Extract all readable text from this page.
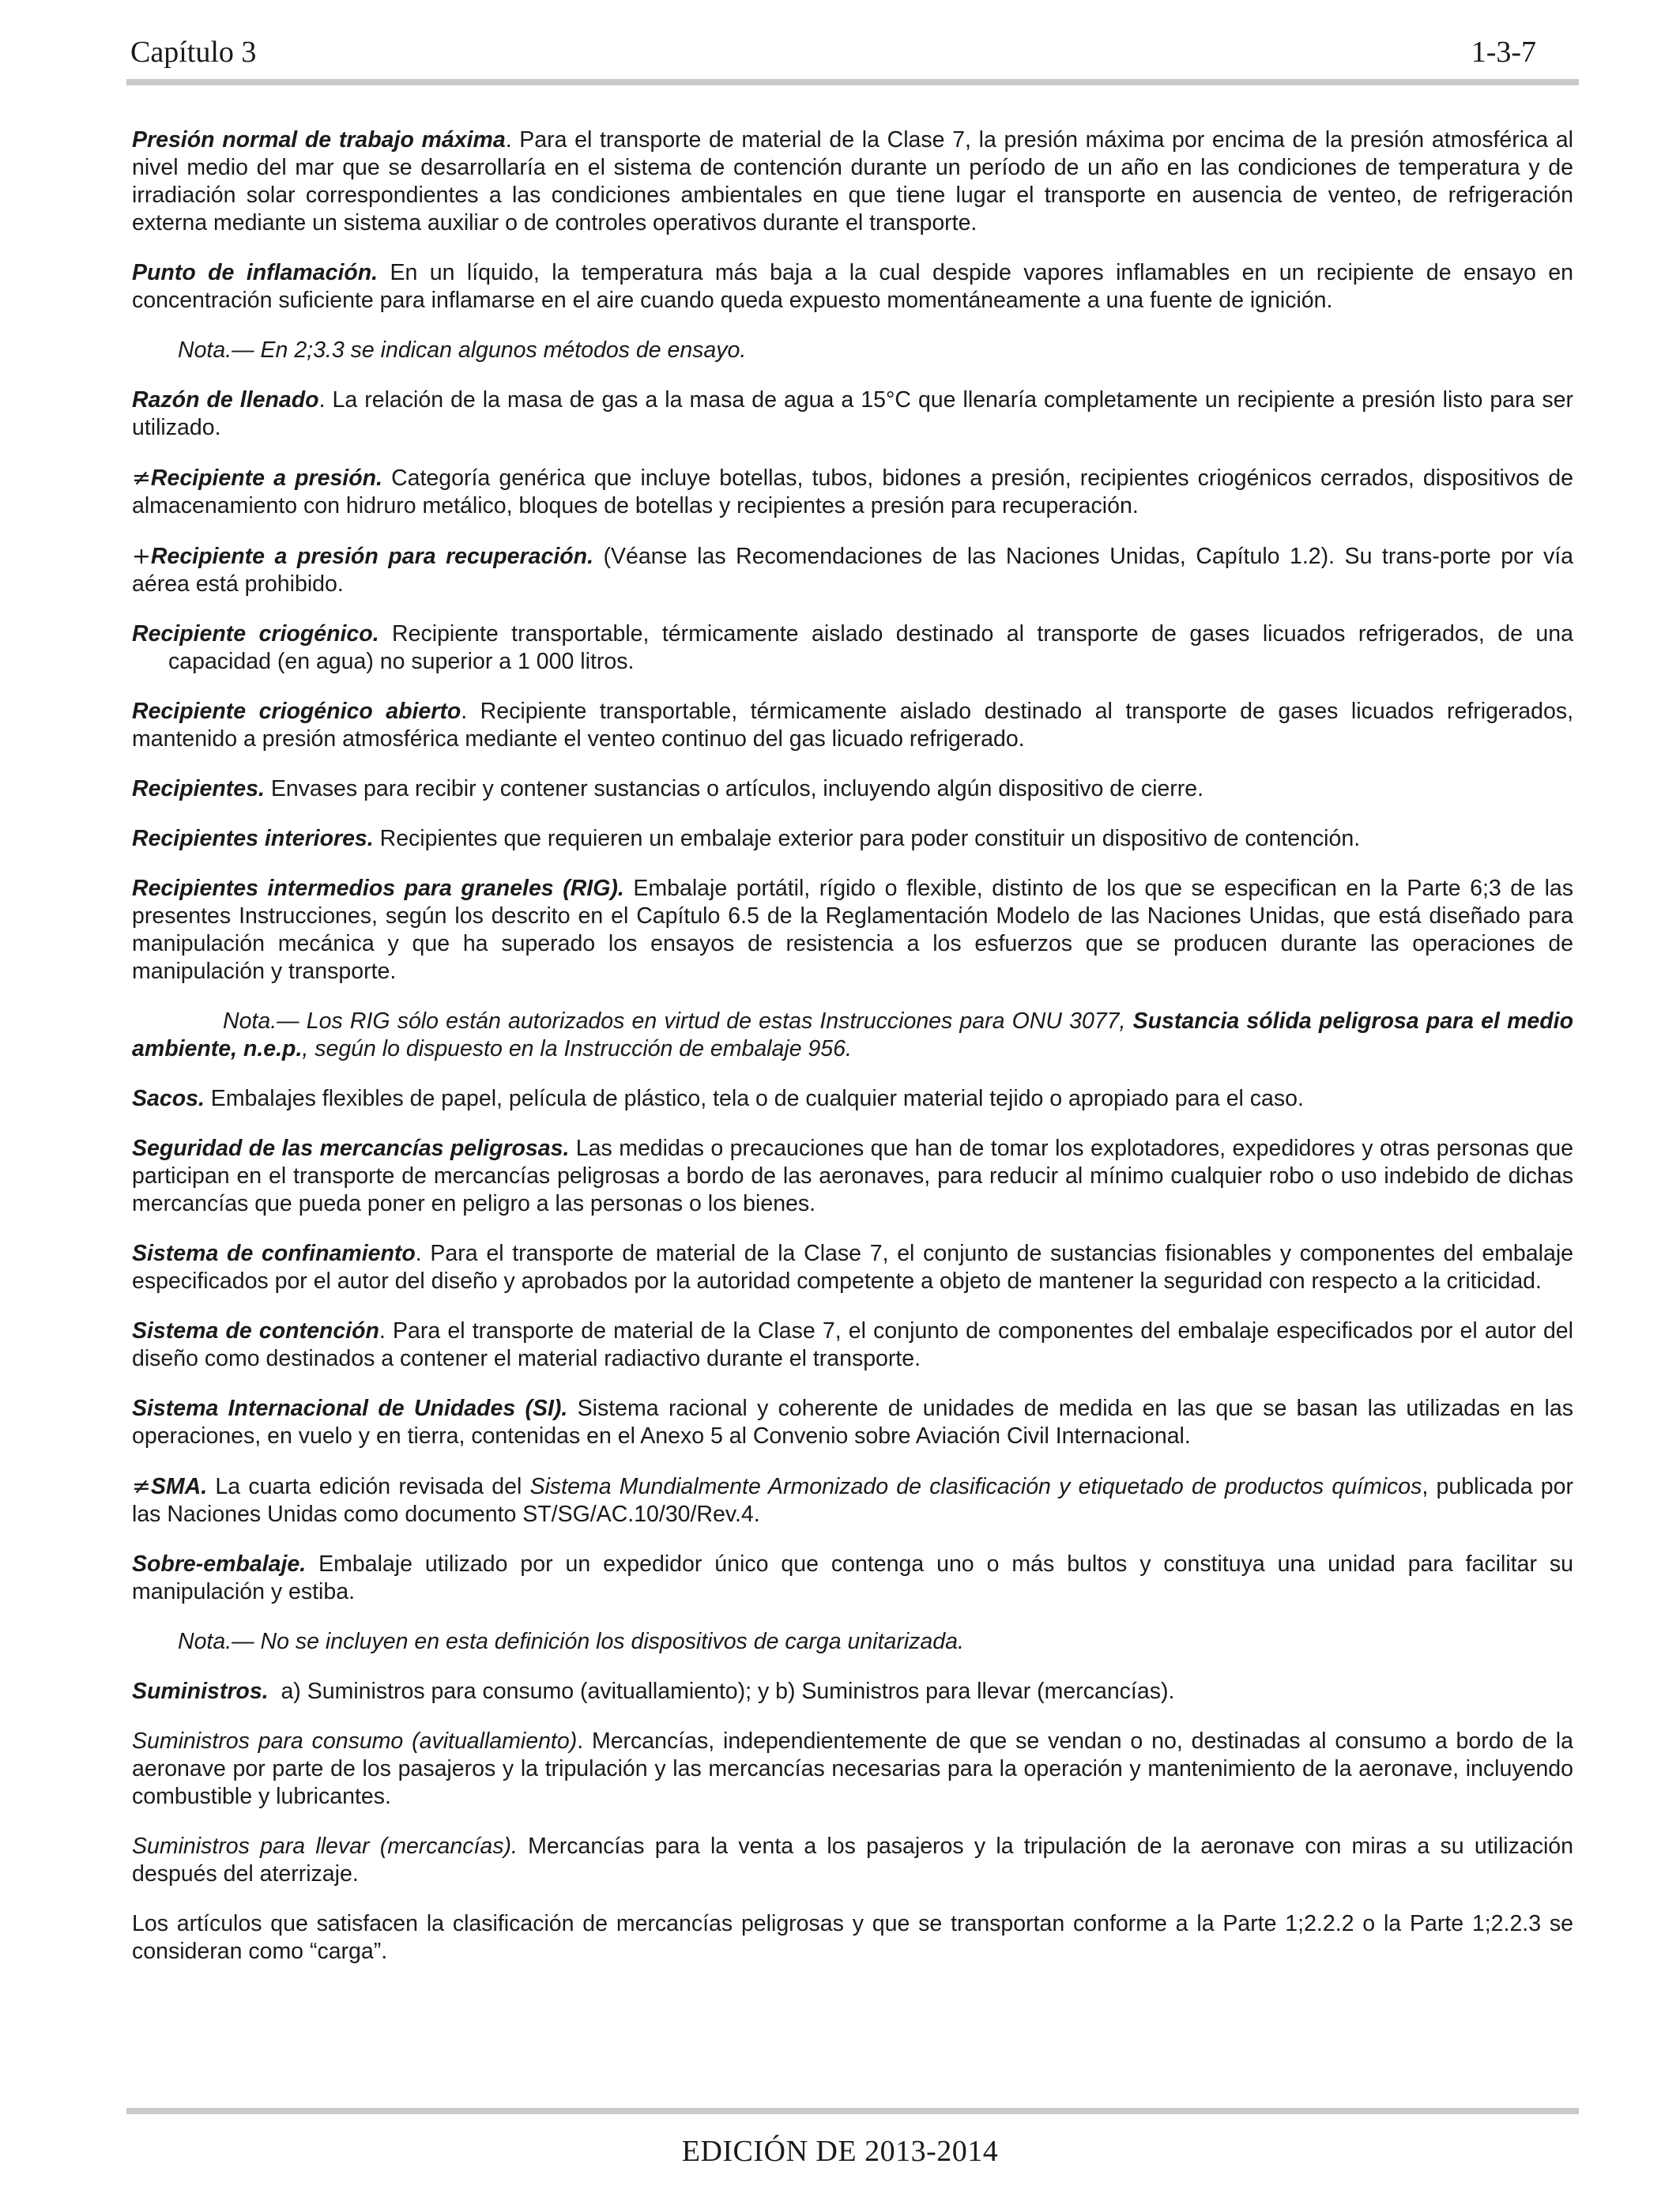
Capítulo 3	1-3-7

Presión normal de trabajo máxima. Para el transporte de material de la Clase 7, la presión máxima por encima de la presión atmosférica al nivel medio del mar que se desarrollaría en el sistema de contención durante un período de un año en las condiciones de temperatura y de irradiación solar correspondientes a las condiciones ambientales en que tiene lugar el transporte en ausencia de venteo, de refrigeración externa mediante un sistema auxiliar o de controles operativos durante el transporte.

Punto de inflamación. En un líquido, la temperatura más baja a la cual despide vapores inflamables en un recipiente de ensayo en concentración suficiente para inflamarse en el aire cuando queda expuesto momentáneamente a una fuente de ignición.

Nota.— En 2;3.3 se indican algunos métodos de ensayo.

Razón de llenado. La relación de la masa de gas a la masa de agua a 15°C que llenaría completamente un recipiente a presión listo para ser utilizado.

≠Recipiente a presión. Categoría genérica que incluye botellas, tubos, bidones a presión, recipientes criogénicos cerrados, dispositivos de almacenamiento con hidruro metálico, bloques de botellas y recipientes a presión para recuperación.

+Recipiente a presión para recuperación. (Véanse las Recomendaciones de las Naciones Unidas, Capítulo 1.2). Su trans-porte por vía aérea está prohibido.

Recipiente criogénico. Recipiente transportable, térmicamente aislado destinado al transporte de gases licuados refrigerados, de una capacidad (en agua) no superior a 1 000 litros.

Recipiente criogénico abierto. Recipiente transportable, térmicamente aislado destinado al transporte de gases licuados refrigerados, mantenido a presión atmosférica mediante el venteo continuo del gas licuado refrigerado.

Recipientes. Envases para recibir y contener sustancias o artículos, incluyendo algún dispositivo de cierre.

Recipientes interiores. Recipientes que requieren un embalaje exterior para poder constituir un dispositivo de contención.

Recipientes intermedios para graneles (RIG). Embalaje portátil, rígido o flexible, distinto de los que se especifican en la Parte 6;3 de las presentes Instrucciones, según los descrito en el Capítulo 6.5 de la Reglamentación Modelo de las Naciones Unidas, que está diseñado para manipulación mecánica y que ha superado los ensayos de resistencia a los esfuerzos que se producen durante las operaciones de manipulación y transporte.

Nota.— Los RIG sólo están autorizados en virtud de estas Instrucciones para ONU 3077, Sustancia sólida peligrosa para el medio ambiente, n.e.p., según lo dispuesto en la Instrucción de embalaje 956.

Sacos. Embalajes flexibles de papel, película de plástico, tela o de cualquier material tejido o apropiado para el caso.

Seguridad de las mercancías peligrosas. Las medidas o precauciones que han de tomar los explotadores, expedidores y otras personas que participan en el transporte de mercancías peligrosas a bordo de las aeronaves, para reducir al mínimo cualquier robo o uso indebido de dichas mercancías que pueda poner en peligro a las personas o los bienes.

Sistema de confinamiento. Para el transporte de material de la Clase 7, el conjunto de sustancias fisionables y componentes del embalaje especificados por el autor del diseño y aprobados por la autoridad competente a objeto de mantener la seguridad con respecto a la criticidad.

Sistema de contención. Para el transporte de material de la Clase 7, el conjunto de componentes del embalaje especificados por el autor del diseño como destinados a contener el material radiactivo durante el transporte.

Sistema Internacional de Unidades (SI). Sistema racional y coherente de unidades de medida en las que se basan las utilizadas en las operaciones, en vuelo y en tierra, contenidas en el Anexo 5 al Convenio sobre Aviación Civil Internacional.

≠SMA. La cuarta edición revisada del Sistema Mundialmente Armonizado de clasificación y etiquetado de productos químicos, publicada por las Naciones Unidas como documento ST/SG/AC.10/30/Rev.4.

Sobre-embalaje. Embalaje utilizado por un expedidor único que contenga uno o más bultos y constituya una unidad para facilitar su manipulación y estiba.

Nota.— No se incluyen en esta definición los dispositivos de carga unitarizada.

Suministros.  a) Suministros para consumo (avituallamiento); y b) Suministros para llevar (mercancías).

Suministros para consumo (avituallamiento). Mercancías, independientemente de que se vendan o no, destinadas al consumo a bordo de la aeronave por parte de los pasajeros y la tripulación y las mercancías necesarias para la operación y mantenimiento de la aeronave, incluyendo combustible y lubricantes.

Suministros para llevar (mercancías). Mercancías para la venta a los pasajeros y la tripulación de la aeronave con miras a su utilización después del aterrizaje.

Los artículos que satisfacen la clasificación de mercancías peligrosas y que se transportan conforme a la Parte 1;2.2.2 o la Parte 1;2.2.3 se consideran como “carga”.

EDICIÓN DE 2013-2014
